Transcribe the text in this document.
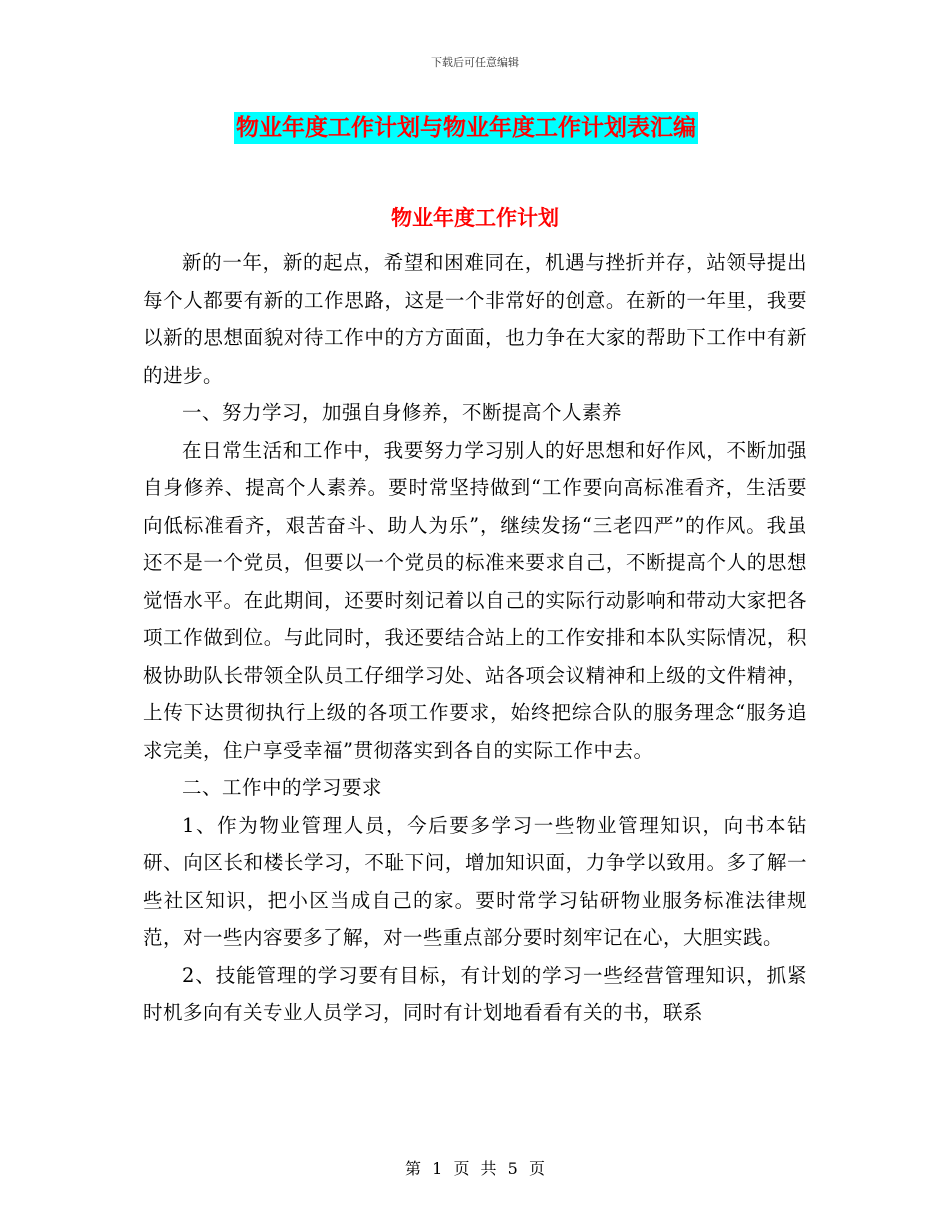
下载后可任意编辑
物业年度工作计划与物业年度工作计划表汇编
物业年度工作计划

新的一年，新的起点，希望和困难同在，机遇与挫折并存，站领导提出每个人都要有新的工作思路，这是一个非常好的创意。在新的一年里，我要以新的思想面貌对待工作中的方方面面，也力争在大家的帮助下工作中有新的进步。

一、努力学习，加强自身修养，不断提高个人素养

在日常生活和工作中，我要努力学习别人的好思想和好作风，不断加强自身修养、提高个人素养。要时常坚持做到“工作要向高标准看齐，生活要向低标准看齐，艰苦奋斗、助人为乐”，继续发扬“三老四严”的作风。我虽还不是一个党员，但要以一个党员的标准来要求自己，不断提高个人的思想觉悟水平。在此期间，还要时刻记着以自己的实际行动影响和带动大家把各项工作做到位。与此同时，我还要结合站上的工作安排和本队实际情况，积极协助队长带领全队员工仔细学习处、站各项会议精神和上级的文件精神，上传下达贯彻执行上级的各项工作要求，始终把综合队的服务理念“服务追求完美，住户享受幸福”贯彻落实到各自的实际工作中去。

二、工作中的学习要求

1、作为物业管理人员，今后要多学习一些物业管理知识，向书本钻研、向区长和楼长学习，不耻下问，增加知识面，力争学以致用。多了解一些社区知识，把小区当成自己的家。要时常学习钻研物业服务标准法律规范，对一些内容要多了解，对一些重点部分要时刻牢记在心，大胆实践。

2、技能管理的学习要有目标，有计划的学习一些经营管理知识，抓紧时机多向有关专业人员学习，同时有计划地看看有关的书，联系

第 1 页 共 5 页
